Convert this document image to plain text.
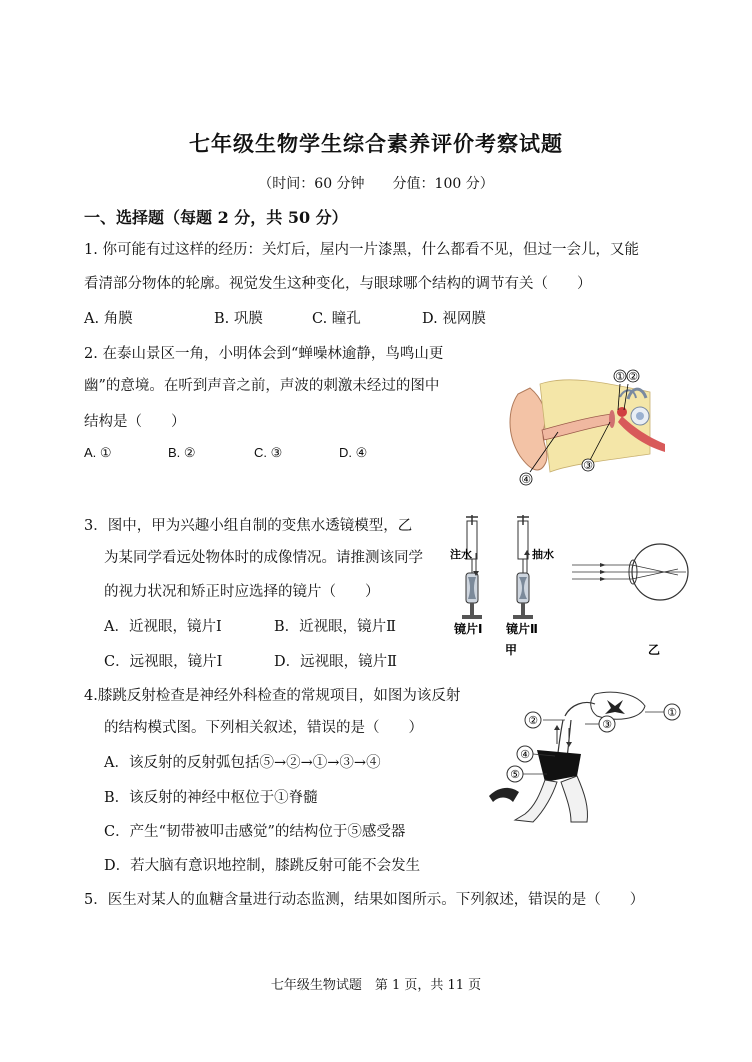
七年级生物学生综合素养评价考察试题
（时间：60 分钟　　分值：100 分）
一、选择题（每题 2 分，共 50 分）
1. 你可能有过这样的经历：关灯后，屋内一片漆黑，什么都看不见，但过一会儿，又能
看清部分物体的轮廓。视觉发生这种变化，与眼球哪个结构的调节有关（　　）
A. 角膜	B. 巩膜	C. 瞳孔	D. 视网膜
2. 在泰山景区一角，小明体会到“蝉噪林逾静，鸟鸣山更
幽”的意境。在听到声音之前，声波的刺激未经过的图中
结构是（　　）
A. ①	B. ②	C. ③	D. ④
① ②
③
④
3．图中，甲为兴趣小组自制的变焦水透镜模型，乙
为某同学看远处物体时的成像情况。请推测该同学
的视力状况和矫正时应选择的镜片（　　）
A．近视眼，镜片Ⅰ	B．近视眼，镜片Ⅱ
C．远视眼，镜片Ⅰ	D．远视眼，镜片Ⅱ
注水	抽水
镜片Ⅰ 镜片Ⅱ
甲	乙
4.膝跳反射检查是神经外科检查的常规项目，如图为该反射
的结构模式图。下列相关叙述，错误的是（　　）
A．该反射的反射弧包括⑤→②→①→③→④
B．该反射的神经中枢位于①脊髓
C．产生“韧带被叩击感觉”的结构位于⑤感受器
D．若大脑有意识地控制，膝跳反射可能不会发生
①
②	③
④
⑤
5．医生对某人的血糖含量进行动态监测，结果如图所示。下列叙述，错误的是（　　）
七年级生物试题　第 1 页，共 11 页
